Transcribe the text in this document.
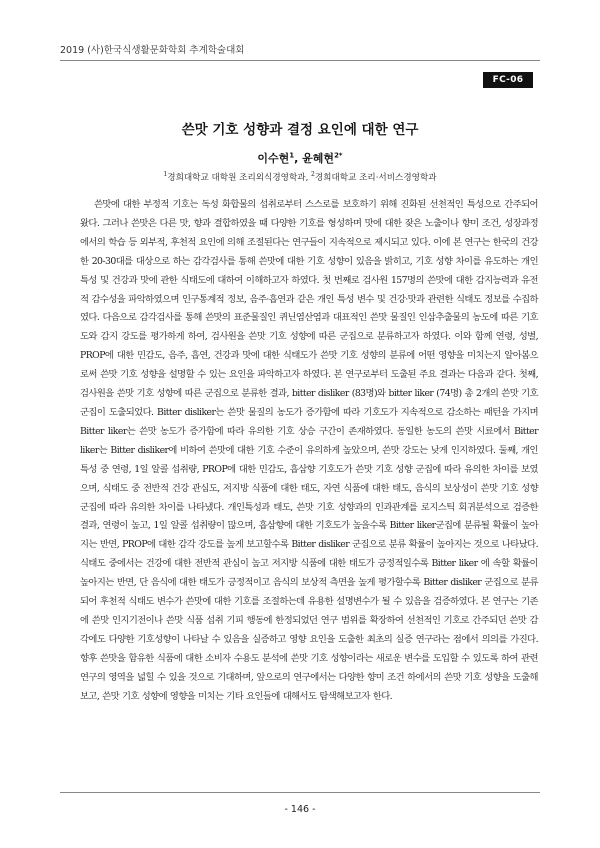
2019 (사)한국식생활문화학회 추계학술대회
FC-06
쓴맛 기호 성향과 결정 요인에 대한 연구
이수현$^1$, 윤혜현$^{2*}$
$^1$경희대학교 대학원 조리외식경영학과, $^2$경희대학교 조리·서비스경영학과

쓴맛에 대한 부정적 기호는 독성 화합물의 섭취로부터 스스로를 보호하기 위해 진화된 선천적인 특성으로 간주되어 왔다. 그러나 쓴맛은 다른 맛, 향과 결합하였을 때 다양한 기호를 형성하며 맛에 대한 잦은 노출이나 향미 조건, 성장과정에서의 학습 등 외부적, 후천적 요인에 의해 조절된다는 연구들이 지속적으로 제시되고 있다. 이에 본 연구는 한국의 건강한 20-30대를 대상으로 하는 감각검사를 통해 쓴맛에 대한 기호 성향이 있음을 밝히고, 기호 성향 차이를 유도하는 개인 특성 및 건강과 맛에 관한 식태도에 대하여 이해하고자 하였다. 첫 번째로 검사원 157명의 쓴맛에 대한 감지능력과 유전적 감수성을 파악하였으며 인구통계적 정보, 음주·흡연과 같은 개인 특성 변수 및 건강·맛과 관련한 식태도 정보를 수집하였다. 다음으로 감각검사를 통해 쓴맛의 표준물질인 퀴닌염산염과 대표적인 쓴맛 물질인 인삼추출물의 농도에 따른 기호도와 감지 강도를 평가하게 하여, 검사원을 쓴맛 기호 성향에 따른 군집으로 분류하고자 하였다. 이와 함께 연령, 성별, PROP에 대한 민감도, 음주, 흡연, 건강과 맛에 대한 식태도가 쓴맛 기호 성향의 분류에 어떤 영향을 미치는지 알아봄으로써 쓴맛 기호 성향을 설명할 수 있는 요인을 파악하고자 하였다. 본 연구로부터 도출된 주요 결과는 다음과 같다. 첫째, 검사원을 쓴맛 기호 성향에 따른 군집으로 분류한 결과, bitter disliker (83명)와 bitter liker (74명) 총 2개의 쓴맛 기호 군집이 도출되었다. Bitter disliker는 쓴맛 물질의 농도가 증가함에 따라 기호도가 지속적으로 감소하는 패턴을 가지며 Bitter liker는 쓴맛 농도가 증가함에 따라 유의한 기호 상승 구간이 존재하였다. 동일한 농도의 쓴맛 시료에서 Bitter liker는 Bitter disliker에 비하여 쓴맛에 대한 기호 수준이 유의하게 높았으며, 쓴맛 강도는 낮게 인지하였다. 둘째, 개인특성 중 연령, 1일 알콜 섭취량, PROP에 대한 민감도, 흡삼향 기호도가 쓴맛 기호 성향 군집에 따라 유의한 차이를 보였으며, 식태도 중 전반적 건강 관심도, 저지방 식품에 대한 태도, 자연 식품에 대한 태도, 음식의 보상성이 쓴맛 기호 성향 군집에 따라 유의한 차이를 나타냈다. 개인특성과 태도, 쓴맛 기호 성향과의 인과관계를 로지스틱 회귀분석으로 검증한 결과, 연령이 높고, 1일 알콜 섭취량이 많으며, 흡삼향에 대한 기호도가 높을수록 Bitter liker군집에 분류될 확률이 높아지는 반면, PROP에 대한 감각 강도를 높게 보고할수록 Bitter disliker 군집으로 분류 확률이 높아지는 것으로 나타났다. 식태도 중에서는 건강에 대한 전반적 관심이 높고 저지방 식품에 대한 태도가 긍정적일수록 Bitter liker 에 속할 확률이 높아지는 반면, 단 음식에 대한 태도가 긍정적이고 음식의 보상적 측면을 높게 평가할수록 Bitter disliker 군집으로 분류되어 후천적 식태도 변수가 쓴맛에 대한 기호를 조절하는데 유용한 설명변수가 될 수 있음을 검증하였다. 본 연구는 기존에 쓴맛 인지기전이나 쓴맛 식품 섭취 기피 행동에 한정되었던 연구 범위를 확장하여 선천적인 기호로 간주되던 쓴맛 감각에도 다양한 기호성향이 나타날 수 있음을 실증하고 영향 요인을 도출한 최초의 실증 연구라는 점에서 의의를 가진다. 향후 쓴맛을 함유한 식품에 대한 소비자 수용도 분석에 쓴맛 기호 성향이라는 새로운 변수를 도입할 수 있도록 하여 관련 연구의 영역을 넓힐 수 있을 것으로 기대하며, 앞으로의 연구에서는 다양한 향미 조건 하에서의 쓴맛 기호 성향을 도출해보고, 쓴맛 기호 성향에 영향을 미치는 기타 요인들에 대해서도 탐색해보고자 한다.

- 146 -
